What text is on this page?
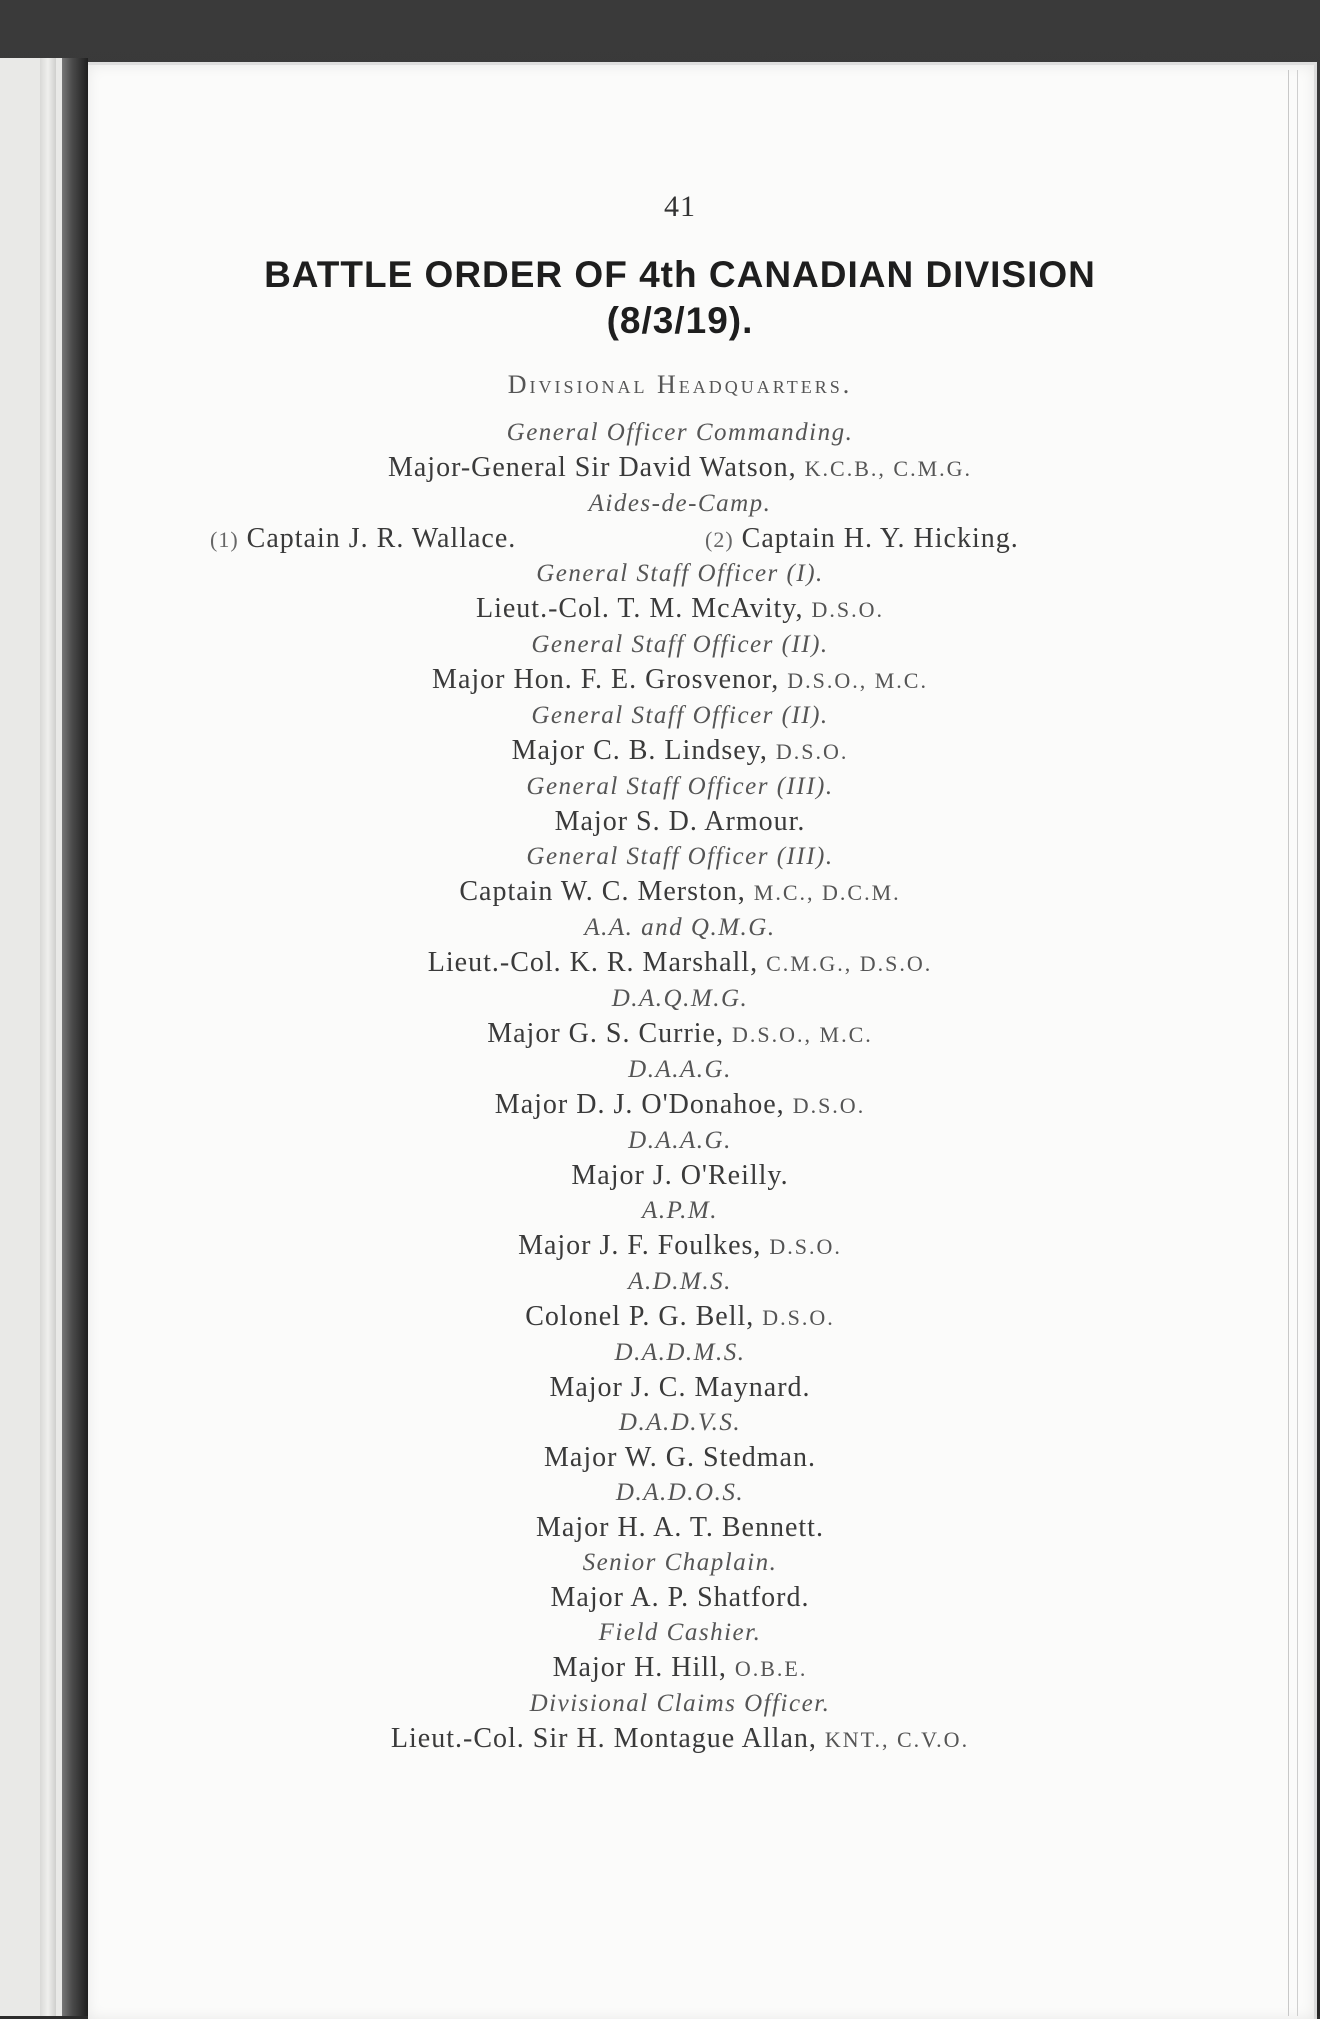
41
BATTLE ORDER OF 4th CANADIAN DIVISION
(8/3/19).
Divisional Headquarters.
General Officer Commanding.
Major-General Sir David Watson, K.C.B., C.M.G.
Aides-de-Camp.
(1) Captain J. R. Wallace.	(2) Captain H. Y. Hicking.
General Staff Officer (I).
Lieut.-Col. T. M. McAvity, D.S.O.
General Staff Officer (II).
Major Hon. F. E. Grosvenor, D.S.O., M.C.
General Staff Officer (II).
Major C. B. Lindsey, D.S.O.
General Staff Officer (III).
Major S. D. Armour.
General Staff Officer (III).
Captain W. C. Merston, M.C., D.C.M.
A.A. and Q.M.G.
Lieut.-Col. K. R. Marshall, C.M.G., D.S.O.
D.A.Q.M.G.
Major G. S. Currie, D.S.O., M.C.
D.A.A.G.
Major D. J. O'Donahoe, D.S.O.
D.A.A.G.
Major J. O'Reilly.
A.P.M.
Major J. F. Foulkes, D.S.O.
A.D.M.S.
Colonel P. G. Bell, D.S.O.
D.A.D.M.S.
Major J. C. Maynard.
D.A.D.V.S.
Major W. G. Stedman.
D.A.D.O.S.
Major H. A. T. Bennett.
Senior Chaplain.
Major A. P. Shatford.
Field Cashier.
Major H. Hill, O.B.E.
Divisional Claims Officer.
Lieut.-Col. Sir H. Montague Allan, KNT., C.V.O.
